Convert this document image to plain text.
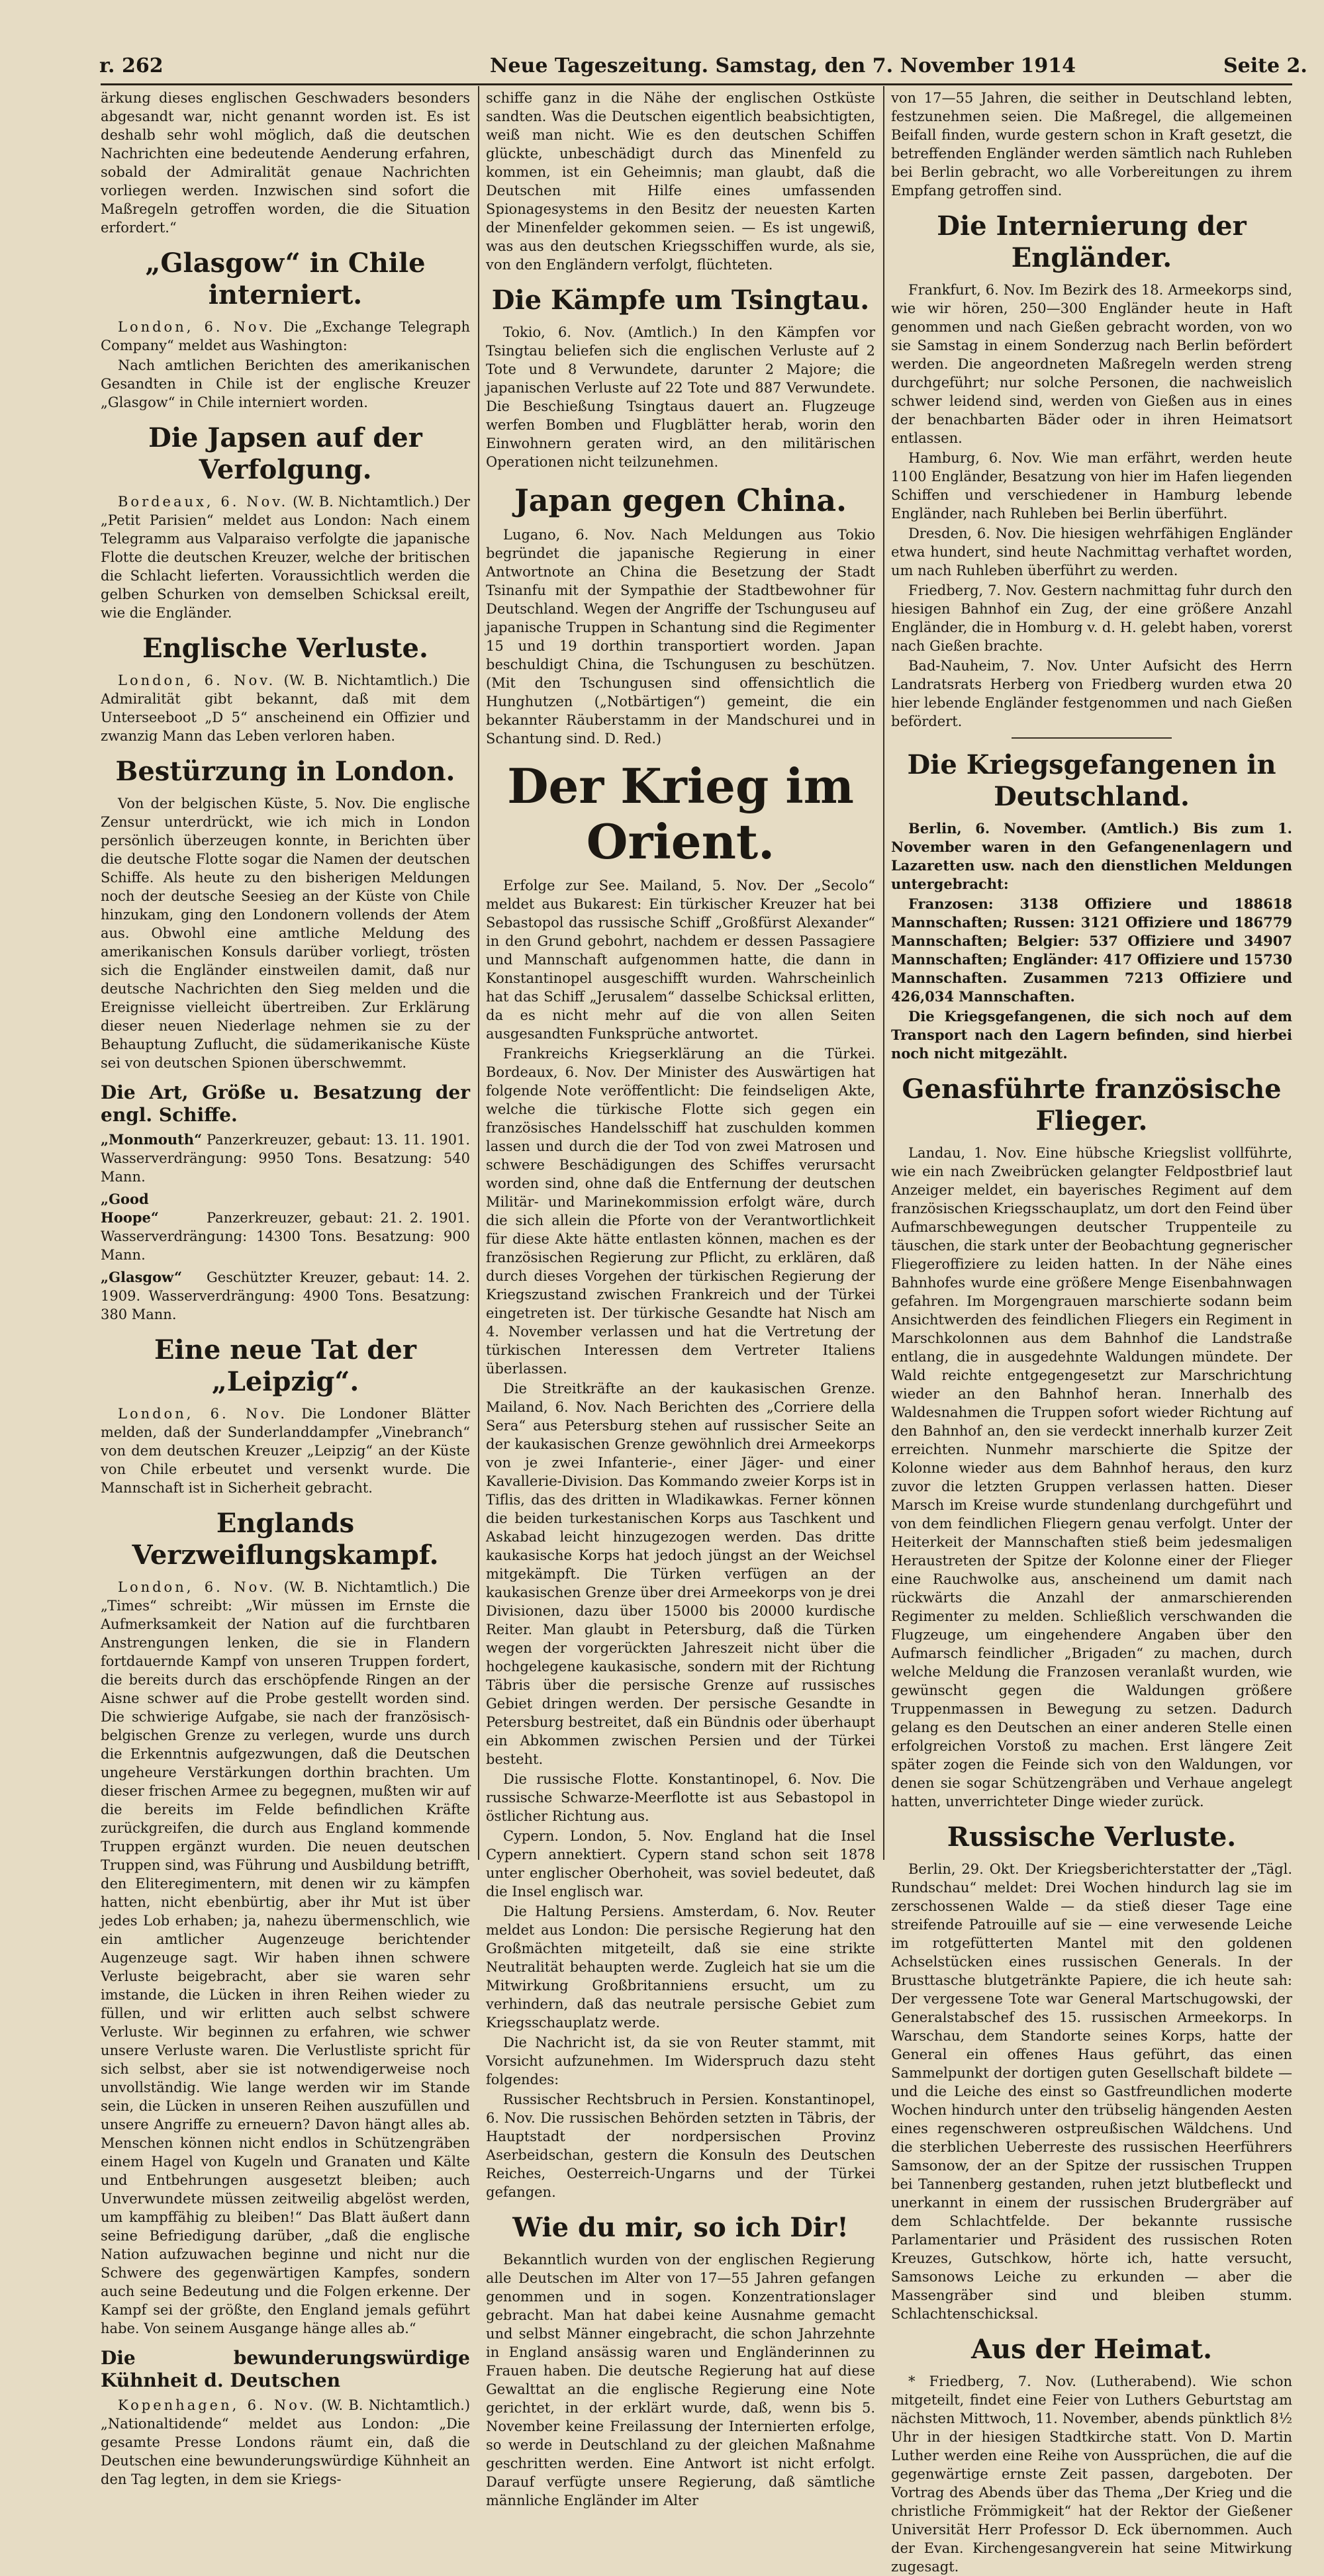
r. 262	Neue Tageszeitung. Samstag, den 7. November 1914	Seite 2.

ärkung dieses englischen Geschwaders besonders abgesandt war, nicht genannt worden ist. Es ist deshalb sehr wohl möglich, daß die deutschen Nachrichten eine bedeutende Aenderung erfahren, sobald der Admiralität genaue Nachrichten vorliegen werden. Inzwischen sind sofort die Maßregeln getroffen worden, die die Situation erfordert.“

„Glasgow“ in Chile interniert.

London, 6. Nov. Die „Exchange Telegraph Company“ meldet aus Washington:

Nach amtlichen Berichten des amerikanischen Gesandten in Chile ist der englische Kreuzer „Glasgow“ in Chile interniert worden.

Die Japsen auf der Verfolgung.

Bordeaux, 6. Nov. (W. B. Nichtamtlich.) Der „Petit Parisien“ meldet aus London: Nach einem Telegramm aus Valparaiso verfolgte die japanische Flotte die deutschen Kreuzer, welche der britischen die Schlacht lieferten. Voraussichtlich werden die gelben Schurken von demselben Schicksal ereilt, wie die Engländer.

Englische Verluste.

London, 6. Nov. (W. B. Nichtamtlich.) Die Admiralität gibt bekannt, daß mit dem Unterseeboot „D 5“ anscheinend ein Offizier und zwanzig Mann das Leben verloren haben.

Bestürzung in London.

Von der belgischen Küste, 5. Nov. Die englische Zensur unterdrückt, wie ich mich in London persönlich überzeugen konnte, in Berichten über die deutsche Flotte sogar die Namen der deutschen Schiffe. Als heute zu den bisherigen Meldungen noch der deutsche Seesieg an der Küste von Chile hinzukam, ging den Londonern vollends der Atem aus. Obwohl eine amtliche Meldung des amerikanischen Konsuls darüber vorliegt, trösten sich die Engländer einstweilen damit, daß nur deutsche Nachrichten den Sieg melden und die Ereignisse vielleicht übertreiben. Zur Erklärung dieser neuen Niederlage nehmen sie zu der Behauptung Zuflucht, die südamerikanische Küste sei von deutschen Spionen überschwemmt.

Die Art, Größe u. Besatzung der engl. Schiffe.
„Monmouth“ Panzerkreuzer, gebaut: 13. 11. 1901. Wasserverdrängung: 9950 Tons. Besatzung: 540 Mann.
„Good Hoope“	Panzerkreuzer, gebaut: 21. 2. 1901. Wasserverdrängung: 14300 Tons. Besatzung: 900 Mann.
„Glasgow“ Geschützter Kreuzer, gebaut: 14. 2. 1909. Wasserverdrängung: 4900 Tons. Besatzung: 380 Mann.
Eine neue Tat der „Leipzig“.

London, 6. Nov. Die Londoner Blätter melden, daß der Sunderlanddampfer „Vinebranch“ von dem deutschen Kreuzer „Leipzig“ an der Küste von Chile erbeutet und versenkt wurde. Die Mannschaft ist in Sicherheit gebracht.

Englands Verzweiflungskampf.

London, 6. Nov. (W. B. Nichtamtlich.) Die „Times“ schreibt: „Wir müssen im Ernste die Aufmerksamkeit der Nation auf die furchtbaren Anstrengungen lenken, die sie in Flandern fortdauernde Kampf von unseren Truppen fordert, die bereits durch das erschöpfende Ringen an der Aisne schwer auf die Probe gestellt worden sind. Die schwierige Aufgabe, sie nach der französisch-belgischen Grenze zu verlegen, wurde uns durch die Erkenntnis aufgezwungen, daß die Deutschen ungeheure Verstärkungen dorthin brachten. Um dieser frischen Armee zu begegnen, mußten wir auf die bereits im Felde befindlichen Kräfte zurückgreifen, die durch aus England kommende Truppen ergänzt wurden. Die neuen deutschen Truppen sind, was Führung und Ausbildung betrifft, den Eliteregimentern, mit denen wir zu kämpfen hatten, nicht ebenbürtig, aber ihr Mut ist über jedes Lob erhaben; ja, nahezu übermenschlich, wie ein amtlicher Augenzeuge berichtender Augenzeuge sagt. Wir haben ihnen schwere Verluste beigebracht, aber sie waren sehr imstande, die Lücken in ihren Reihen wieder zu füllen, und wir erlitten auch selbst schwere Verluste. Wir beginnen zu erfahren, wie schwer unsere Verluste waren. Die Verlustliste spricht für sich selbst, aber sie ist notwendigerweise noch unvollständig. Wie lange werden wir im Stande sein, die Lücken in unseren Reihen auszufüllen und unsere Angriffe zu erneuern? Davon hängt alles ab. Menschen können nicht endlos in Schützengräben einem Hagel von Kugeln und Granaten und Kälte und Entbehrungen ausgesetzt bleiben; auch Unverwundete müssen zeitweilig abgelöst werden, um kampffähig zu bleiben!“ Das Blatt äußert dann seine Befriedigung darüber, „daß die englische Nation aufzuwachen beginne und nicht nur die Schwere des gegenwärtigen Kampfes, sondern auch seine Bedeutung und die Folgen erkenne. Der Kampf sei der größte, den England jemals geführt habe. Von seinem Ausgange hänge alles ab.“

Die bewunderungswürdige Kühnheit d. Deutschen

Kopenhagen, 6. Nov. (W. B. Nichtamtlich.) „Nationaltidende“ meldet aus London: „Die gesamte Presse Londons räumt ein, daß die Deutschen eine bewunderungswürdige Kühnheit an den Tag legten, in dem sie Kriegs-

schiffe ganz in die Nähe der englischen Ostküste sandten. Was die Deutschen eigentlich beabsichtigten, weiß man nicht. Wie es den deutschen Schiffen glückte, unbeschädigt durch das Minenfeld zu kommen, ist ein Geheimnis; man glaubt, daß die Deutschen mit Hilfe eines umfassenden Spionagesystems in den Besitz der neuesten Karten der Minenfelder gekommen seien. — Es ist ungewiß, was aus den deutschen Kriegsschiffen wurde, als sie, von den Engländern verfolgt, flüchteten.

Die Kämpfe um Tsingtau.

Tokio, 6. Nov. (Amtlich.) In den Kämpfen vor Tsingtau beliefen sich die englischen Verluste auf 2 Tote und 8 Verwundete, darunter 2 Majore; die japanischen Verluste auf 22 Tote und 887 Verwundete. Die Beschießung Tsingtaus dauert an. Flugzeuge werfen Bomben und Flugblätter herab, worin den Einwohnern geraten wird, an den militärischen Operationen nicht teilzunehmen.

Japan gegen China.

Lugano, 6. Nov. Nach Meldungen aus Tokio begründet die japanische Regierung in einer Antwortnote an China die Besetzung der Stadt Tsinanfu mit der Sympathie der Stadtbewohner für Deutschland. Wegen der Angriffe der Tschunguseu auf japanische Truppen in Schantung sind die Regimenter 15 und 19 dorthin transportiert worden. Japan beschuldigt China, die Tschungusen zu beschützen. (Mit den Tschungusen sind offensichtlich die Hunghutzen („Notbärtigen“) gemeint, die ein bekannter Räuberstamm in der Mandschurei und in Schantung sind. D. Red.)

Der Krieg im Orient.

Erfolge zur See. Mailand, 5. Nov. Der „Secolo“ meldet aus Bukarest: Ein türkischer Kreuzer hat bei Sebastopol das russische Schiff „Großfürst Alexander“ in den Grund gebohrt, nachdem er dessen Passagiere und Mannschaft aufgenommen hatte, die dann in Konstantinopel ausgeschifft wurden. Wahrscheinlich hat das Schiff „Jerusalem“ dasselbe Schicksal erlitten, da es nicht mehr auf die von allen Seiten ausgesandten Funksprüche antwortet.

Frankreichs Kriegserklärung an die Türkei. Bordeaux, 6. Nov. Der Minister des Auswärtigen hat folgende Note veröffentlicht: Die feindseligen Akte, welche die türkische Flotte sich gegen ein französisches Handelsschiff hat zuschulden kommen lassen und durch die der Tod von zwei Matrosen und schwere Beschädigungen des Schiffes verursacht worden sind, ohne daß die Entfernung der deutschen Militär- und Marinekommission erfolgt wäre, durch die sich allein die Pforte von der Verantwortlichkeit für diese Akte hätte entlasten können, machen es der französischen Regierung zur Pflicht, zu erklären, daß durch dieses Vorgehen der türkischen Regierung der Kriegszustand zwischen Frankreich und der Türkei eingetreten ist. Der türkische Gesandte hat Nisch am 4. November verlassen und hat die Vertretung der türkischen Interessen dem Vertreter Italiens überlassen.

Die Streitkräfte an der kaukasischen Grenze. Mailand, 6. Nov. Nach Berichten des „Corriere della Sera“ aus Petersburg stehen auf russischer Seite an der kaukasischen Grenze gewöhnlich drei Armeekorps von je zwei Infanterie-, einer Jäger- und einer Kavallerie-Division. Das Kommando zweier Korps ist in Tiflis, das des dritten in Wladikawkas. Ferner können die beiden turkestanischen Korps aus Taschkent und Askabad leicht hinzugezogen werden. Das dritte kaukasische Korps hat jedoch jüngst an der Weichsel mitgekämpft. Die Türken verfügen an der kaukasischen Grenze über drei Armeekorps von je drei Divisionen, dazu über 15000 bis 20000 kurdische Reiter. Man glaubt in Petersburg, daß die Türken wegen der vorgerückten Jahreszeit nicht über die hochgelegene kaukasische, sondern mit der Richtung Täbris über die persische Grenze auf russisches Gebiet dringen werden. Der persische Gesandte in Petersburg bestreitet, daß ein Bündnis oder überhaupt ein Abkommen zwischen Persien und der Türkei besteht.

Die russische Flotte. Konstantinopel, 6. Nov. Die russische Schwarze-Meerflotte ist aus Sebastopol in östlicher Richtung aus.

Cypern. London, 5. Nov. England hat die Insel Cypern annektiert. Cypern stand schon seit 1878 unter englischer Oberhoheit, was soviel bedeutet, daß die Insel englisch war.

Die Haltung Persiens. Amsterdam, 6. Nov. Reuter meldet aus London: Die persische Regierung hat den Großmächten mitgeteilt, daß sie eine strikte Neutralität behaupten werde. Zugleich hat sie um die Mitwirkung Großbritanniens ersucht, um zu verhindern, daß das neutrale persische Gebiet zum Kriegsschauplatz werde.

Die Nachricht ist, da sie von Reuter stammt, mit Vorsicht aufzunehmen. Im Widerspruch dazu steht folgendes:

Russischer Rechtsbruch in Persien. Konstantinopel, 6. Nov. Die russischen Behörden setzten in Täbris, der Hauptstadt der nordpersischen Provinz Aserbeidschan, gestern die Konsuln des Deutschen Reiches, Oesterreich-Ungarns und der Türkei gefangen.

Wie du mir, so ich Dir!

Bekanntlich wurden von der englischen Regierung alle Deutschen im Alter von 17—55 Jahren gefangen genommen und in sogen. Konzentrationslager gebracht. Man hat dabei keine Ausnahme gemacht und selbst Männer eingebracht, die schon Jahrzehnte in England ansässig waren und Engländerinnen zu Frauen haben. Die deutsche Regierung hat auf diese Gewalttat an die englische Regierung eine Note gerichtet, in der erklärt wurde, daß, wenn bis 5. November keine Freilassung der Internierten erfolge, so werde in Deutschland zu der gleichen Maßnahme geschritten werden. Eine Antwort ist nicht erfolgt. Darauf verfügte unsere Regierung, daß sämtliche männliche Engländer im Alter

von 17—55 Jahren, die seither in Deutschland lebten, festzunehmen seien. Die Maßregel, die allgemeinen Beifall finden, wurde gestern schon in Kraft gesetzt, die betreffenden Engländer werden sämtlich nach Ruhleben bei Berlin gebracht, wo alle Vorbereitungen zu ihrem Empfang getroffen sind.

Die Internierung der Engländer.

Frankfurt, 6. Nov. Im Bezirk des 18. Armeekorps sind, wie wir hören, 250—300 Engländer heute in Haft genommen und nach Gießen gebracht worden, von wo sie Samstag in einem Sonderzug nach Berlin befördert werden. Die angeordneten Maßregeln werden streng durchgeführt; nur solche Personen, die nachweislich schwer leidend sind, werden von Gießen aus in eines der benachbarten Bäder oder in ihren Heimatsort entlassen.

Hamburg, 6. Nov. Wie man erfährt, werden heute 1100 Engländer, Besatzung von hier im Hafen liegenden Schiffen und verschiedener in Hamburg lebende Engländer, nach Ruhleben bei Berlin überführt.

Dresden, 6. Nov. Die hiesigen wehrfähigen Engländer etwa hundert, sind heute Nachmittag verhaftet worden, um nach Ruhleben überführt zu werden.

Friedberg, 7. Nov. Gestern nachmittag fuhr durch den hiesigen Bahnhof ein Zug, der eine größere Anzahl Engländer, die in Homburg v. d. H. gelebt haben, vorerst nach Gießen brachte.

Bad-Nauheim, 7. Nov. Unter Aufsicht des Herrn Landratsrats Herberg von Friedberg wurden etwa 20 hier lebende Engländer festgenommen und nach Gießen befördert.

Die Kriegsgefangenen in Deutschland.

Berlin, 6. November. (Amtlich.) Bis zum 1. November waren in den Gefangenenlagern und Lazaretten usw. nach den dienstlichen Meldungen untergebracht:

Franzosen: 3138 Offiziere und 188618 Mannschaften; Russen: 3121 Offiziere und 186779 Mannschaften; Belgier: 537 Offiziere und 34907 Mannschaften; Engländer: 417 Offiziere und 15730 Mannschaften. Zusammen 7213 Offiziere und 426,034 Mannschaften.

Die Kriegsgefangenen, die sich noch auf dem Transport nach den Lagern befinden, sind hierbei noch nicht mitgezählt.

Genasführte französische Flieger.

Landau, 1. Nov. Eine hübsche Kriegslist vollführte, wie ein nach Zweibrücken gelangter Feldpostbrief laut Anzeiger meldet, ein bayerisches Regiment auf dem französischen Kriegsschauplatz, um dort den Feind über Aufmarschbewegungen deutscher Truppenteile zu täuschen, die stark unter der Beobachtung gegnerischer Fliegeroffiziere zu leiden hatten. In der Nähe eines Bahnhofes wurde eine größere Menge Eisenbahnwagen gefahren. Im Morgengrauen marschierte sodann beim Ansichtwerden des feindlichen Fliegers ein Regiment in Marschkolonnen aus dem Bahnhof die Landstraße entlang, die in ausgedehnte Waldungen mündete. Der Wald reichte entgegengesetzt zur Marschrichtung wieder an den Bahnhof heran. Innerhalb des Waldesnahmen die Truppen sofort wieder Richtung auf den Bahnhof an, den sie verdeckt innerhalb kurzer Zeit erreichten. Nunmehr marschierte die Spitze der Kolonne wieder aus dem Bahnhof heraus, den kurz zuvor die letzten Gruppen verlassen hatten. Dieser Marsch im Kreise wurde stundenlang durchgeführt und von dem feindlichen Fliegern genau verfolgt. Unter der Heiterkeit der Mannschaften stieß beim jedesmaligen Heraustreten der Spitze der Kolonne einer der Flieger eine Rauchwolke aus, anscheinend um damit nach rückwärts die Anzahl der anmarschierenden Regimenter zu melden. Schließlich verschwanden die Flugzeuge, um eingehendere Angaben über den Aufmarsch feindlicher „Brigaden“ zu machen, durch welche Meldung die Franzosen veranlaßt wurden, wie gewünscht gegen die Waldungen größere Truppenmassen in Bewegung zu setzen. Dadurch gelang es den Deutschen an einer anderen Stelle einen erfolgreichen Vorstoß zu machen. Erst längere Zeit später zogen die Feinde sich von den Waldungen, vor denen sie sogar Schützengräben und Verhaue angelegt hatten, unverrichteter Dinge wieder zurück.

Russische Verluste.

Berlin, 29. Okt. Der Kriegsberichterstatter der „Tägl. Rundschau“ meldet: Drei Wochen hindurch lag sie im zerschossenen Walde — da stieß dieser Tage eine streifende Patrouille auf sie — eine verwesende Leiche im rotgefütterten Mantel mit den goldenen Achselstücken eines russischen Generals. In der Brusttasche blutgetränkte Papiere, die ich heute sah: Der vergessene Tote war General Martschugowski, der Generalstabschef des 15. russischen Armeekorps. In Warschau, dem Standorte seines Korps, hatte der General ein offenes Haus geführt, das einen Sammelpunkt der dortigen guten Gesellschaft bildete — und die Leiche des einst so Gastfreundlichen moderte Wochen hindurch unter den trübselig hängenden Aesten eines regenschweren ostpreußischen Wäldchens. Und die sterblichen Ueberreste des russischen Heerführers Samsonow, der an der Spitze der russischen Truppen bei Tannenberg gestanden, ruhen jetzt blutbefleckt und unerkannt in einem der russischen Brudergräber auf dem Schlachtfelde. Der bekannte russische Parlamentarier und Präsident des russischen Roten Kreuzes, Gutschkow, hörte ich, hatte versucht, Samsonows Leiche zu erkunden — aber die Massengräber sind und bleiben stumm. Schlachtenschicksal.

Aus der Heimat.

* Friedberg, 7. Nov. (Lutherabend). Wie schon mitgeteilt, findet eine Feier von Luthers Geburtstag am nächsten Mittwoch, 11. November, abends pünktlich 8½ Uhr in der hiesigen Stadtkirche statt. Von D. Martin Luther werden eine Reihe von Aussprüchen, die auf die gegenwärtige ernste Zeit passen, dargeboten. Der Vortrag des Abends über das Thema „Der Krieg und die christliche Frömmigkeit“ hat der Rektor der Gießener Universität Herr Professor D. Eck übernommen. Auch der Evan. Kirchengesangverein hat seine Mitwirkung zugesagt.
